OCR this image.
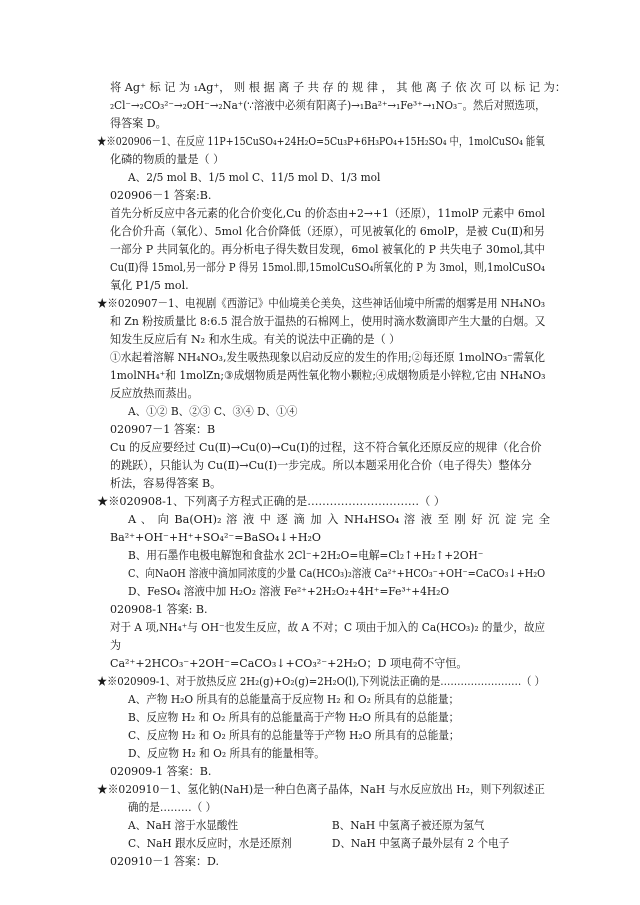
将 Ag⁺ 标 记 为 ₁Ag⁺， 则 根 据 离 子 共 存 的 规 律 ， 其 他 离 子 依 次 可 以 标 记 为：
₂Cl⁻→₂CO₃²⁻→₂OH⁻→₂Na⁺(∵溶液中必须有阳离子)→₁Ba²⁺→₁Fe³⁺→₁NO₃⁻。然后对照选项，
得答案 D。
★※020906－1、在反应 11P+15CuSO₄+24H₂O=5Cu₃P+6H₃PO₄+15H₂SO₄ 中，1molCuSO₄ 能氧
化磷的物质的量是（ ）
A、2/5 mol B、1/5 mol C、11/5 mol D、1/3 mol
020906－1 答案:B.
首先分析反应中各元素的化合价变化,Cu 的价态由+2→+1（还原），11molP 元素中 6mol
化合价升高（氧化）、5mol 化合价降低（还原），可见被氧化的 6molP，是被 Cu(Ⅱ)和另
一部分 P 共同氧化的。再分析电子得失数目发现，6mol 被氧化的 P 共失电子 30mol,其中
Cu(Ⅱ)得 15mol,另一部分 P 得另 15mol.即,15molCuSO₄所氧化的 P 为 3mol，则,1molCuSO₄
氧化 P1/5 mol.
★※020907－1、电视剧《西游记》中仙境美仑美奂，这些神话仙境中所需的烟雾是用 NH₄NO₃
和 Zn 粉按质量比 8:6.5 混合放于温热的石棉网上，使用时滴水数滴即产生大量的白烟。又
知发生反应后有 N₂ 和水生成。有关的说法中正确的是（ ）
①水起着溶解 NH₄NO₃,发生吸热现象以启动反应的发生的作用;②每还原 1molNO₃⁻需氧化
1molNH₄⁺和 1molZn;③成烟物质是两性氧化物小颗粒;④成烟物质是小锌粒,它由 NH₄NO₃
反应放热而蒸出。
A、①② B、②③ C、③④ D、①④
020907－1 答案：B
Cu 的反应要经过 Cu(Ⅱ)→Cu(0)→Cu(Ⅰ)的过程，这不符合氧化还原反应的规律（化合价
的跳跃），只能认为 Cu(Ⅱ)→Cu(Ⅰ)一步完成。所以本题采用化合价（电子得失）整体分
析法，容易得答案 B。
★※020908-1、下列离子方程式正确的是…………………………（ ）
A 、 向 Ba(OH)₂ 溶 液 中 逐 滴 加 入 NH₄HSO₄ 溶 液 至 刚 好 沉 淀 完 全
Ba²⁺+OH⁻+H⁺+SO₄²⁻=BaSO₄↓+H₂O
B、用石墨作电极电解饱和食盐水 2Cl⁻+2H₂O=电解=Cl₂↑+H₂↑+2OH⁻
C、向NaOH 溶液中滴加同浓度的少量 Ca(HCO₃)₂溶液 Ca²⁺+HCO₃⁻+OH⁻=CaCO₃↓+H₂O
D、FeSO₄ 溶液中加 H₂O₂ 溶液 Fe²⁺+2H₂O₂+4H⁺=Fe³⁺+4H₂O
020908-1 答案: B.
对于 A 项,NH₄⁺与 OH⁻也发生反应，故 A 不对；C 项由于加入的 Ca(HCO₃)₂ 的量少，故应
为
Ca²⁺+2HCO₃⁻+2OH⁻=CaCO₃↓+CO₃²⁻+2H₂O；D 项电荷不守恒。
★※020909-1、对于放热反应 2H₂(g)+O₂(g)=2H₂O(l),下列说法正确的是……………………（ ）
A、产物 H₂O 所具有的总能量高于反应物 H₂ 和 O₂ 所具有的总能量；
B、反应物 H₂ 和 O₂ 所具有的总能量高于产物 H₂O 所具有的总能量；
C、反应物 H₂ 和 O₂ 所具有的总能量等于产物 H₂O 所具有的总能量；
D、反应物 H₂ 和 O₂ 所具有的能量相等。
020909-1 答案：B.
★※020910－1、氢化钠(NaH)是一种白色离子晶体，NaH 与水反应放出 H₂，则下列叙述正
确的是………（ ）
A、NaH 溶于水显酸性	B、NaH 中氢离子被还原为氢气
C、NaH 跟水反应时，水是还原剂	D、NaH 中氢离子最外层有 2 个电子
020910－1 答案：D.
